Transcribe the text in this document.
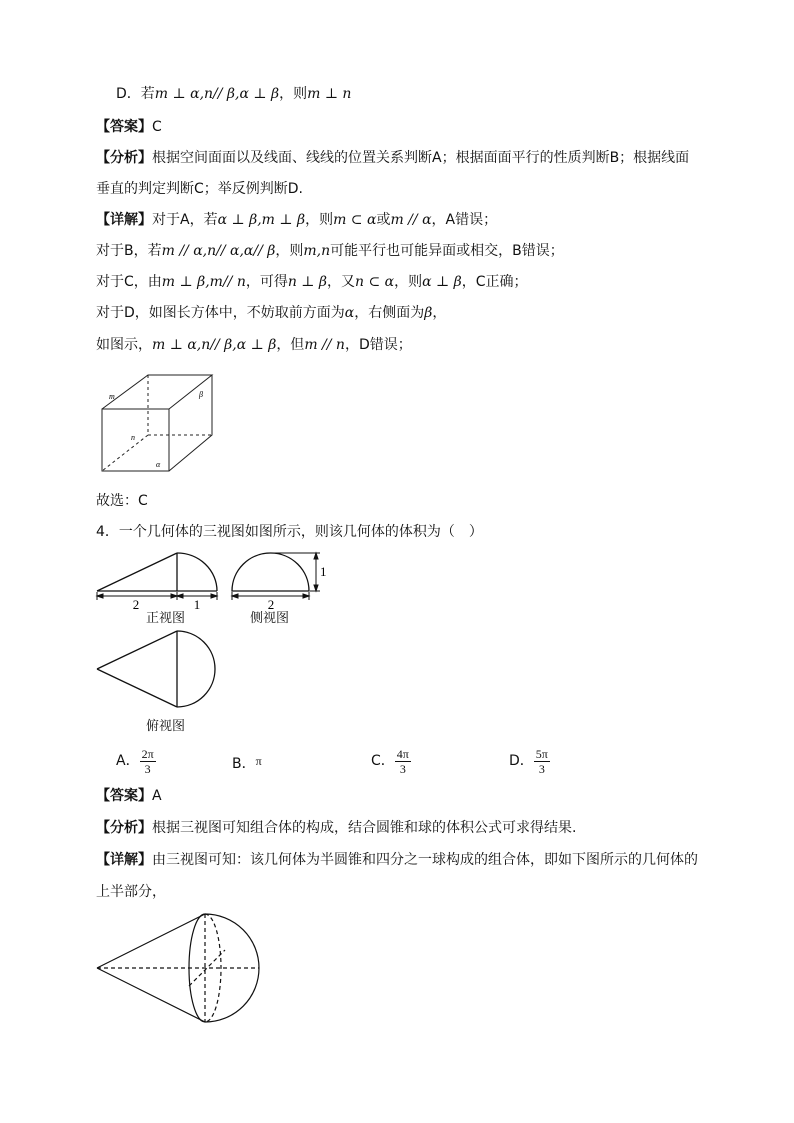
D．若m ⊥ α,n// β,α ⊥ β，则m ⊥ n
【答案】C
【分析】根据空间面面以及线面、线线的位置关系判断A；根据面面平行的性质判断B；根据线面
垂直的判定判断C；举反例判断D.
【详解】对于A，若α ⊥ β,m ⊥ β，则m ⊂ α或m // α，A错误；
对于B，若m // α,n// α,α// β，则m,n可能平行也可能异面或相交，B错误；
对于C，由m ⊥ β,m// n，可得n ⊥ β，又n ⊂ α，则α ⊥ β，C正确；
对于D，如图长方体中，不妨取前方面为α，右侧面为β，
如图示，m ⊥ α,n// β,α ⊥ β，但m // n，D错误；
m
n
β
α
故选：C
4．一个几何体的三视图如图所示，则该几何体的体积为（　）
2	1	2
1
正视图	侧视图
俯视图
A． $\frac{2\pi}{3}$	B．π	C． $\frac{4\pi}{3}$	D． $\frac{5\pi}{3}$
【答案】A
【分析】根据三视图可知组合体的构成，结合圆锥和球的体积公式可求得结果.
【详解】由三视图可知：该几何体为半圆锥和四分之一球构成的组合体，即如下图所示的几何体的
上半部分，
